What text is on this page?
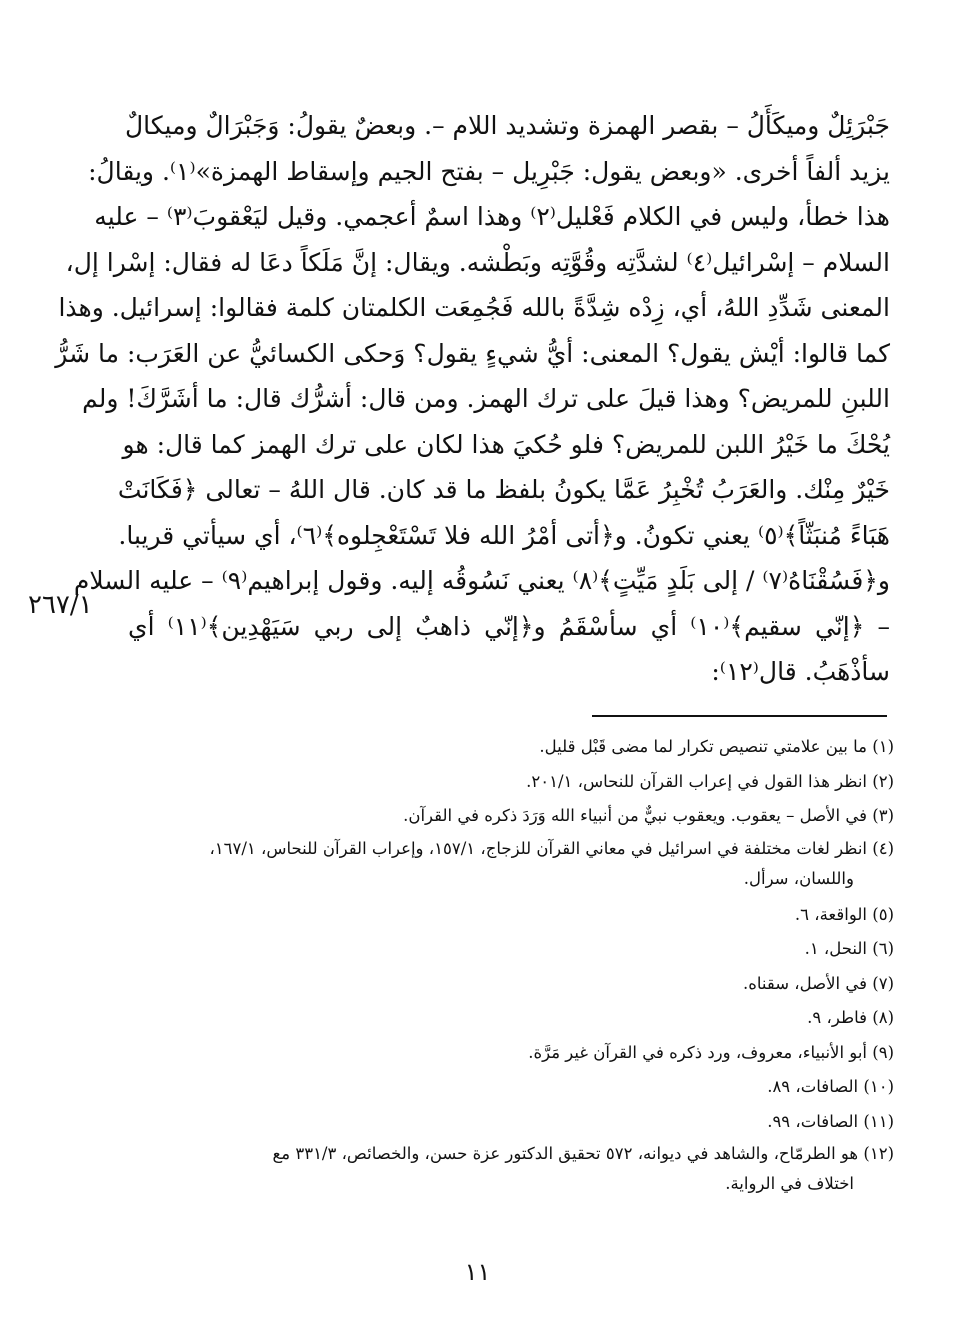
٢٦٧/١
جَبْرَئِلٌ وميكَأَلُ – بقصر الهمزة وتشديد اللام –. وبعضٌ يقولُ: وَجَبْرَالٌ وميكالٌ
يزيد ألفاً أخرى. «وبعض يقول: جَبْرِيل – بفتح الجيم وإسقاط الهمزة»⁽١⁾. ويقالُ:
هذا خطأ، وليس في الكلام فَعْليل⁽٢⁾ وهذا اسمٌ أعجمي. وقيل ليَعْقوبَ⁽٣⁾ – عليه
السلام – إسْرائيل⁽٤⁾ لشدَّتِه وقُوَّتِه وبَطْشه. ويقال: إنَّ مَلَكاً دعَا له فقال: إسْرا إل،
المعنى شَدِّدِ اللهُ، أي، زِدْه شِدَّةً بالله فَجُمِعَت الكلمتان كلمة فقالوا: إسرائيل. وهذا
كما قالوا: أيْش يقول؟ المعنى: أيُّ شيءٍ يقول؟ وَحكى الكسائيُّ عن العَرَب: ما شَرُّ
اللبنِ للمريض؟ وهذا قيلَ على ترك الهمز. ومن قال: أشرُّك قال: ما أشَرَّكَ! ولم
يُحْكَ ما خَيْرُ اللبن للمريض؟ فلو حُكيَ هذا لكان على ترك الهمز كما قال: هو
خَيْرٌ مِنْك. والعَرَبُ تُخْبِرُ عَمَّا يكونُ بلفظ ما قد كان. قال اللهُ – تعالى ﴿فَكَانَتْ
هَبَاءً مُنبَثّاً﴾⁽٥⁾ يعني تكونُ. و﴿أتى أمْرُ الله فلا تَسْتَعْجِلوه﴾⁽٦⁾، أي سيأتي قريبا.
و﴿فَسُقْنَاهُ⁽٧⁾ / إلى بَلَدٍ مَيِّتٍ﴾⁽٨⁾ يعني نَسُوقُه إليه. وقول إبراهيم⁽٩⁾ – عليه السلام
– ﴿إنّي سقيم﴾⁽١٠⁾ أي سأسْقَمُ و﴿إنّي ذاهبٌ إلى ربي سَيَهْدِين﴾⁽١١⁾ أي
سأذْهَبُ. قال⁽١٢⁾:
(١) ما بين علامتي تنصيص تكرار لما مضى قَبْل قليل.
(٢) انظر هذا القول في إعراب القرآن للنحاس، ٢٠١/١.
(٣) في الأصل – يعقوب. ويعقوب نبيٌّ من أنبياء الله وَرَدَ ذكره في القرآن.
(٤) انظر لغات مختلفة في اسرائيل في معاني القرآن للزجاج، ١٥٧/١، وإعراب القرآن للنحاس، ١٦٧/١،
واللسان، سرأل.
(٥) الواقعة، ٦.
(٦) النحل، ١.
(٧) في الأصل، سقناه.
(٨) فاطر، ٩.
(٩) أبو الأنبياء، معروف، ورد ذكره في القرآن غير مَرَّة.
(١٠) الصافات، ٨٩.
(١١) الصافات، ٩٩.
(١٢) هو الطرمّاح، والشاهد في ديوانه، ٥٧٢ تحقيق الدكتور عزة حسن، والخصائص، ٣٣١/٣ مع
اختلاف في الرواية.
١١
